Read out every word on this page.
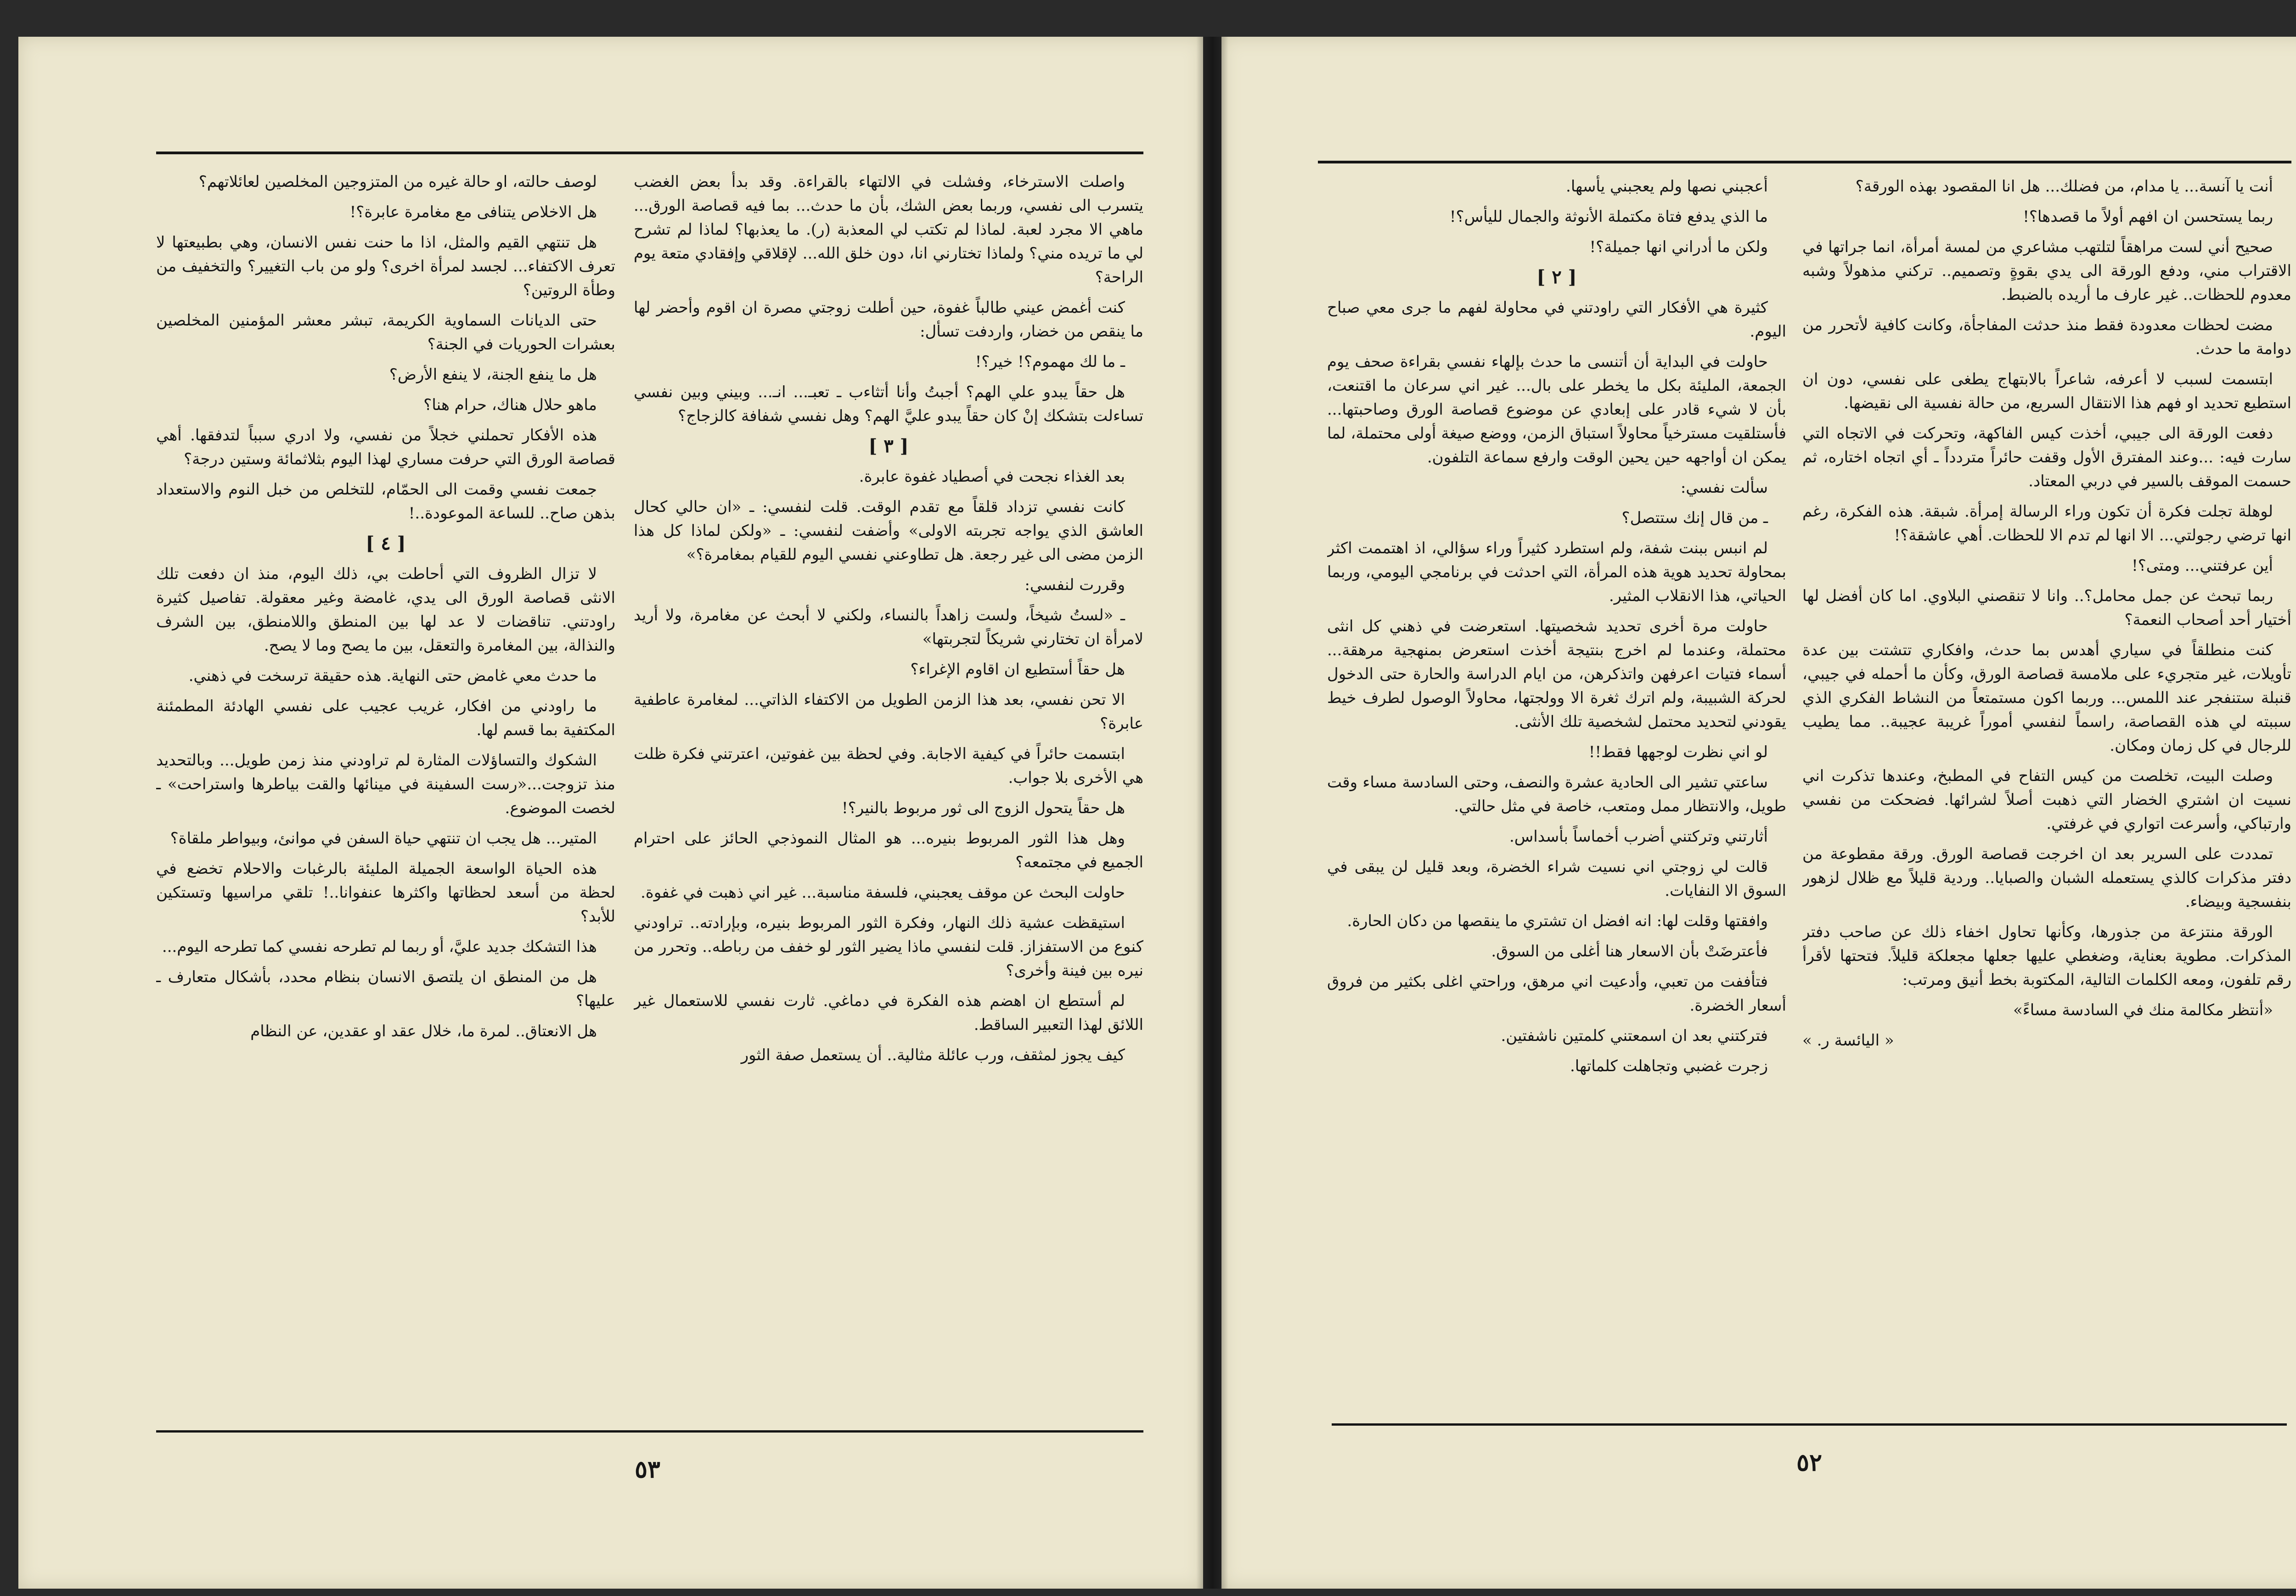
واصلت الاسترخاء، وفشلت في الالتهاء بالقراءة. وقد بدأ بعض الغضب يتسرب الى نفسي، وربما بعض الشك، بأن ما حدث... بما فيه قصاصة الورق... ماهي الا مجرد لعبة. لماذا لم تكتب لي المعذبة (ر). ما يعذبها؟ لماذا لم تشرح لي ما تريده مني؟ ولماذا تختارني انا، دون خلق الله... لإقلاقي وإفقادي متعة يوم الراحة؟

كنت أغمض عيني طالباً غفوة، حين أطلت زوجتي مصرة ان اقوم وأحضر لها ما ينقص من خضار، واردفت تسأل:

ـ ما لك مهموم؟! خير؟!

هل حقاً يبدو علي الهم؟ أجبتُ وأنا أتثاءب ـ تعبـ... انـ... وبيني وبين نفسي تساءلت بتشكك إنْ كان حقاً يبدو عليَّ الهم؟ وهل نفسي شفافة كالزجاج؟

[ ٣ ]

بعد الغذاء نجحت في أصطياد غفوة عابرة.

كانت نفسي تزداد قلقاً مع تقدم الوقت. قلت لنفسي: ـ «ان حالي كحال العاشق الذي يواجه تجربته الاولى» وأضفت لنفسي: ـ «ولكن لماذا كل هذا الزمن مضى الى غير رجعة. هل تطاوعني نفسي اليوم للقيام بمغامرة؟»

وقررت لنفسي:

ـ «لستُ شيخاً، ولست زاهداً بالنساء، ولكني لا أبحث عن مغامرة، ولا أريد لامرأة ان تختارني شريكاً لتجربتها»

هل حقاً أستطيع ان اقاوم الإغراء؟

الا تحن نفسي، بعد هذا الزمن الطويل من الاكتفاء الذاتي... لمغامرة عاطفية عابرة؟

ابتسمت حائراً في كيفية الاجابة. وفي لحظة بين غفوتين، اعترتني فكرة ظلت هي الأخرى بلا جواب.

هل حقاً يتحول الزوج الى ثور مربوط بالنير؟!

وهل هذا الثور المربوط بنيره... هو المثال النموذجي الحائز على احترام الجميع في مجتمعه؟

حاولت البحث عن موقف يعجبني، فلسفة مناسبة... غير اني ذهبت في غفوة.

استيقظت عشية ذلك النهار، وفكرة الثور المربوط بنيره، وبإرادته.. تراودني كنوع من الاستفزاز. قلت لنفسي ماذا يضير الثور لو خفف من رباطه.. وتحرر من نيره بين فينة وأخرى؟

لم أستطع ان اهضم هذه الفكرة في دماغي. ثارت نفسي للاستعمال غير اللائق لهذا التعبير الساقط.

كيف يجوز لمثقف، ورب عائلة مثالية.. أن يستعمل صفة الثور

لوصف حالته، او حالة غيره من المتزوجين المخلصين لعائلاتهم؟

هل الاخلاص يتنافى مع مغامرة عابرة؟!

هل تنتهي القيم والمثل، اذا ما حنت نفس الانسان، وهي بطبيعتها لا تعرف الاكتفاء... لجسد لمرأة اخرى؟ ولو من باب التغيير؟ والتخفيف من وطأة الروتين؟

حتى الديانات السماوية الكريمة، تبشر معشر المؤمنين المخلصين بعشرات الحوريات في الجنة؟

هل ما ينفع الجنة، لا ينفع الأرض؟

ماهو حلال هناك، حرام هنا؟

هذه الأفكار تحملني خجلاً من نفسي، ولا ادري سبباً لتدفقها. أهي قصاصة الورق التي حرفت مساري لهذا اليوم بثلاثمائة وستين درجة؟

جمعت نفسي وقمت الى الحمّام، للتخلص من خبل النوم والاستعداد بذهن صاح.. للساعة الموعودة..!

[ ٤ ]

لا تزال الظروف التي أحاطت بي، ذلك اليوم، منذ ان دفعت تلك الانثى قصاصة الورق الى يدي، غامضة وغير معقولة. تفاصيل كثيرة راودتني. تناقضات لا عد لها بين المنطق واللامنطق، بين الشرف والنذالة، بين المغامرة والتعقل، بين ما يصح وما لا يصح.

ما حدث معي غامض حتى النهاية. هذه حقيقة ترسخت في ذهني.

ما راودني من افكار، غريب عجيب على نفسي الهادئة المطمئنة المكتفية بما قسم لها.

الشكوك والتساؤلات المثارة لم تراودني منذ زمن طويل... وبالتحديد منذ تزوجت...«رست السفينة في مينائها والقت بياطرها واستراحت» ـ لخصت الموضوع.

المتير... هل يجب ان تنتهي حياة السفن في موانئ، وبيواطر ملقاة؟

هذه الحياة الواسعة الجميلة المليئة بالرغبات والاحلام تخضع في لحظة من أسعد لحظاتها واكثرها عنفوانا..! تلقي مراسيها وتستكين للأبد؟

هذا التشكك جديد عليَّ، أو ربما لم تطرحه نفسي كما تطرحه اليوم...

هل من المنطق ان يلتصق الانسان بنظام محدد، بأشكال متعارف ـ عليها؟

هل الانعتاق.. لمرة ما، خلال عقد او عقدين، عن النظام

٥٣

أنت يا آنسة... يا مدام، من فضلك... هل انا المقصود بهذه الورقة؟

ربما يستحسن ان افهم أولاً ما قصدها؟!

صحيح أني لست مراهقاً لتلتهب مشاعري من لمسة أمرأة، انما جراتها في الاقتراب مني، ودفع الورقة الى يدي بقوةٍ وتصميم.. تركني مذهولاً وشبه معدوم للحظات.. غير عارف ما أريده بالضبط.

مضت لحظات معدودة فقط منذ حدثت المفاجأة، وكانت كافية لأتحرر من دوامة ما حدث.

ابتسمت لسبب لا أعرفه، شاعراً بالابتهاج يطغى على نفسي، دون ان استطيع تحديد او فهم هذا الانتقال السريع، من حالة نفسية الى نقيضها.

دفعت الورقة الى جيبي، أخذت كيس الفاكهة، وتحركت في الاتجاه التي سارت فيه: ...وعند المفترق الأول وقفت حائراً متردداً ـ أي اتجاه اختاره، ثم حسمت الموقف بالسير في دربي المعتاد.

لوهلة تجلت فكرة أن تكون وراء الرسالة إمرأة. شبقة. هذه الفكرة، رغم انها ترضي رجولتي... الا انها لم تدم الا للحظات. أهي عاشقة؟!

أين عرفتني... ومتى؟!

ربما تبحث عن جمل محامل؟.. وانا لا تنقصني البلاوي. اما كان أفضل لها أختيار أحد أصحاب النعمة؟

كنت منطلقاً في سياري أهدس بما حدث، وافكاري تتشتت بين عدة تأويلات، غير متجريء على ملامسة قصاصة الورق، وكأن ما أحمله في جيبي، قنبلة ستنفجر عند اللمس... وربما اكون مستمتعاً من النشاط الفكري الذي سببته لي هذه القصاصة، راسماً لنفسي أموراً غريبة عجيبة.. مما يطيب للرجال في كل زمان ومكان.

وصلت البيت، تخلصت من كيس التفاح في المطبخ، وعندها تذكرت اني نسيت ان اشتري الخضار التي ذهبت أصلاً لشرائها. فضحكت من نفسي وارتباكي، وأسرعت اتواري في غرفتي.

تمددت على السرير بعد ان اخرجت قصاصة الورق. ورقة مقطوعة من دفتر مذكرات كالذي يستعمله الشبان والصبايا.. وردية قليلاً مع ظلال لزهور بنفسجية وبيضاء.

الورقة منتزعة من جذورها، وكأنها تحاول اخفاء ذلك عن صاحب دفتر المذكرات. مطوية بعناية، وضغطي عليها جعلها مجعلكة قليلاً. فتحتها لأقرأ رقم تلفون، ومعه الكلمات التالية، المكتوبة بخط أنيق ومرتب:

«أنتظر مكالمة منك في السادسة مساءً»

« اليائسة ر. »

أعجبني نصها ولم يعجبني يأسها.

ما الذي يدفع فتاة مكتملة الأنوثة والجمال لليأس؟!

ولكن ما أدراني انها جميلة؟!

[ ٢ ]

كثيرة هي الأفكار التي راودتني في محاولة لفهم ما جرى معي صباح اليوم.

حاولت في البداية أن أتنسى ما حدث بإلهاء نفسي بقراءة صحف يوم الجمعة، المليئة بكل ما يخطر على بال... غير اني سرعان ما اقتنعت، بأن لا شيء قادر على إبعادي عن موضوع قصاصة الورق وصاحبتها... فأستلقيت مسترخياً محاولاً استباق الزمن، ووضع صيغة أولى محتملة، لما يمكن ان أواجهه حين يحين الوقت وارفع سماعة التلفون.

سألت نفسي:

ـ من قال إنك ستتصل؟

لم انبس ببنت شفة، ولم استطرد كثيراً وراء سؤالي، اذ اهتممت اكثر بمحاولة تحديد هوية هذه المرأة، التي احدثت في برنامجي اليومي، وربما الحياتي، هذا الانقلاب المثير.

حاولت مرة أخرى تحديد شخصيتها. استعرضت في ذهني كل انثى محتملة، وعندما لم اخرج بنتيجة أخذت استعرض بمنهجية مرهقة... أسماء فتيات اعرفهن واتذكرهن، من ايام الدراسة والحارة حتى الدخول لحركة الشبيبة، ولم اترك ثغرة الا وولجتها، محاولاً الوصول لطرف خيط يقودني لتحديد محتمل لشخصية تلك الأنثى.

لو اني نظرت لوجهها فقط!!

ساعتي تشير الى الحادية عشرة والنصف، وحتى السادسة مساء وقت طويل، والانتظار ممل ومتعب، خاصة في مثل حالتي.

أثارتني وتركتني أضرب أخماساً بأسداس.

قالت لي زوجتي اني نسيت شراء الخضرة، وبعد قليل لن يبقى في السوق الا النفايات.

وافقتها وقلت لها: انه افضل ان تشتري ما ينقصها من دكان الحارة.

فأعترضَتْ بأن الاسعار هنا أغلى من السوق.

فتأففت من تعبي، وأدعيت اني مرهق، وراحتي اغلى بكثير من فروق أسعار الخضرة.

فتركتني بعد ان اسمعتني كلمتين ناشفتين.

زجرت غضبي وتجاهلت كلماتها.

٥٢
